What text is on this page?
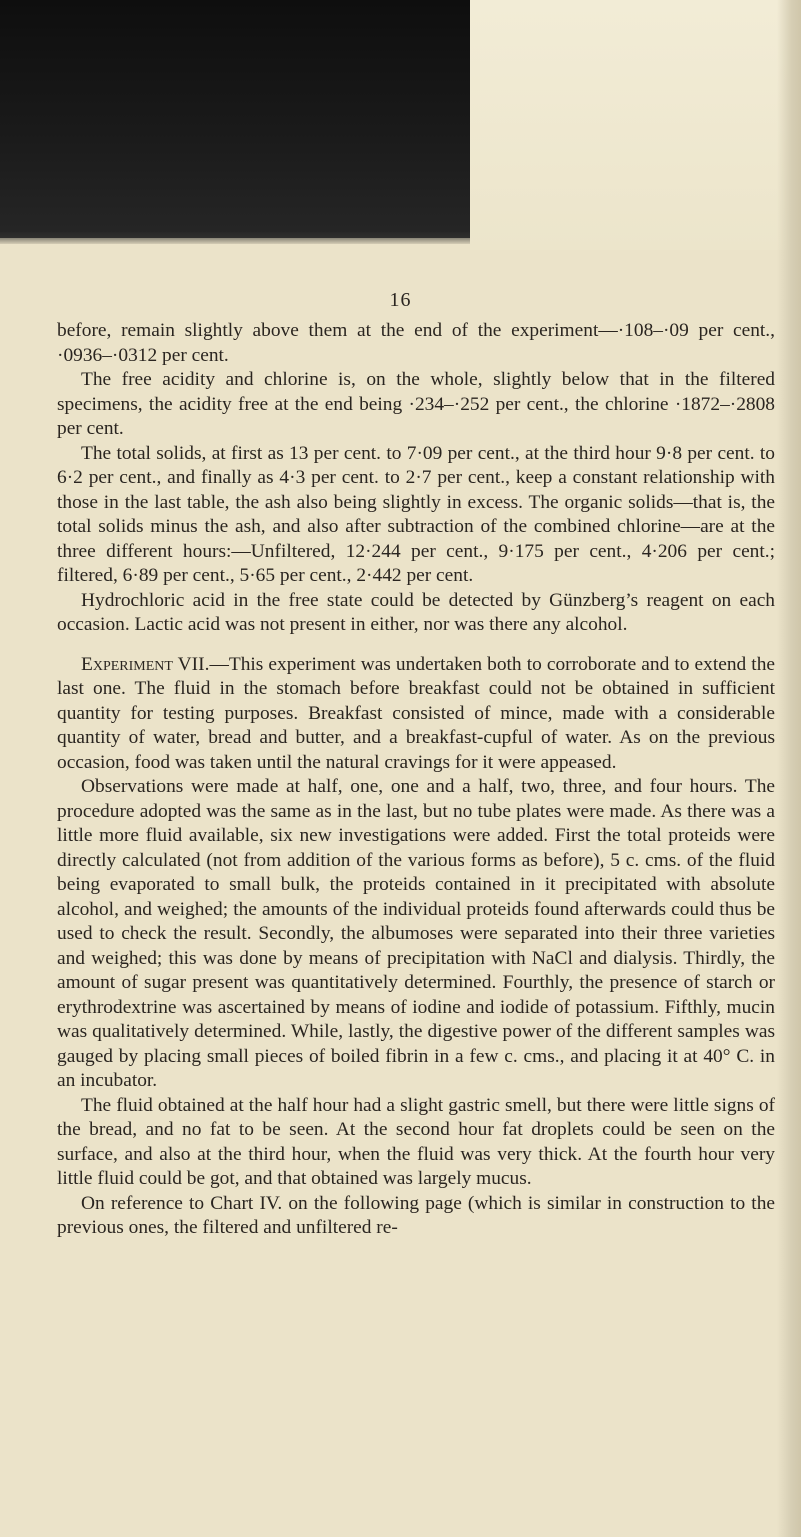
16

before, remain slightly above them at the end of the experiment—·108–·09 per cent., ·0936–·0312 per cent.

The free acidity and chlorine is, on the whole, slightly below that in the filtered specimens, the acidity free at the end being ·234–·252 per cent., the chlorine ·1872–·2808 per cent.

The total solids, at first as 13 per cent. to 7·09 per cent., at the third hour 9·8 per cent. to 6·2 per cent., and finally as 4·3 per cent. to 2·7 per cent., keep a constant relationship with those in the last table, the ash also being slightly in excess. The organic solids—that is, the total solids minus the ash, and also after subtraction of the combined chlorine—are at the three different hours:—Unfiltered, 12·244 per cent., 9·175 per cent., 4·206 per cent.; filtered, 6·89 per cent., 5·65 per cent., 2·442 per cent.

Hydrochloric acid in the free state could be detected by Günzberg’s reagent on each occasion. Lactic acid was not present in either, nor was there any alcohol.

Experiment VII.—This experiment was undertaken both to corroborate and to extend the last one. The fluid in the stomach before breakfast could not be obtained in sufficient quantity for testing purposes. Breakfast consisted of mince, made with a considerable quantity of water, bread and butter, and a breakfast-cupful of water. As on the previous occasion, food was taken until the natural cravings for it were appeased.

Observations were made at half, one, one and a half, two, three, and four hours. The procedure adopted was the same as in the last, but no tube plates were made. As there was a little more fluid available, six new investigations were added. First the total proteids were directly calculated (not from addition of the various forms as before), 5 c. cms. of the fluid being evaporated to small bulk, the proteids contained in it precipitated with absolute alcohol, and weighed; the amounts of the individual proteids found afterwards could thus be used to check the result. Secondly, the albumoses were separated into their three varieties and weighed; this was done by means of precipitation with NaCl and dialysis. Thirdly, the amount of sugar present was quantitatively determined. Fourthly, the presence of starch or erythrodextrine was ascertained by means of iodine and iodide of potassium. Fifthly, mucin was qualitatively determined. While, lastly, the digestive power of the different samples was gauged by placing small pieces of boiled fibrin in a few c. cms., and placing it at 40° C. in an incubator.

The fluid obtained at the half hour had a slight gastric smell, but there were little signs of the bread, and no fat to be seen. At the second hour fat droplets could be seen on the surface, and also at the third hour, when the fluid was very thick. At the fourth hour very little fluid could be got, and that obtained was largely mucus.

On reference to Chart IV. on the following page (which is similar in construction to the previous ones, the filtered and unfiltered re-
